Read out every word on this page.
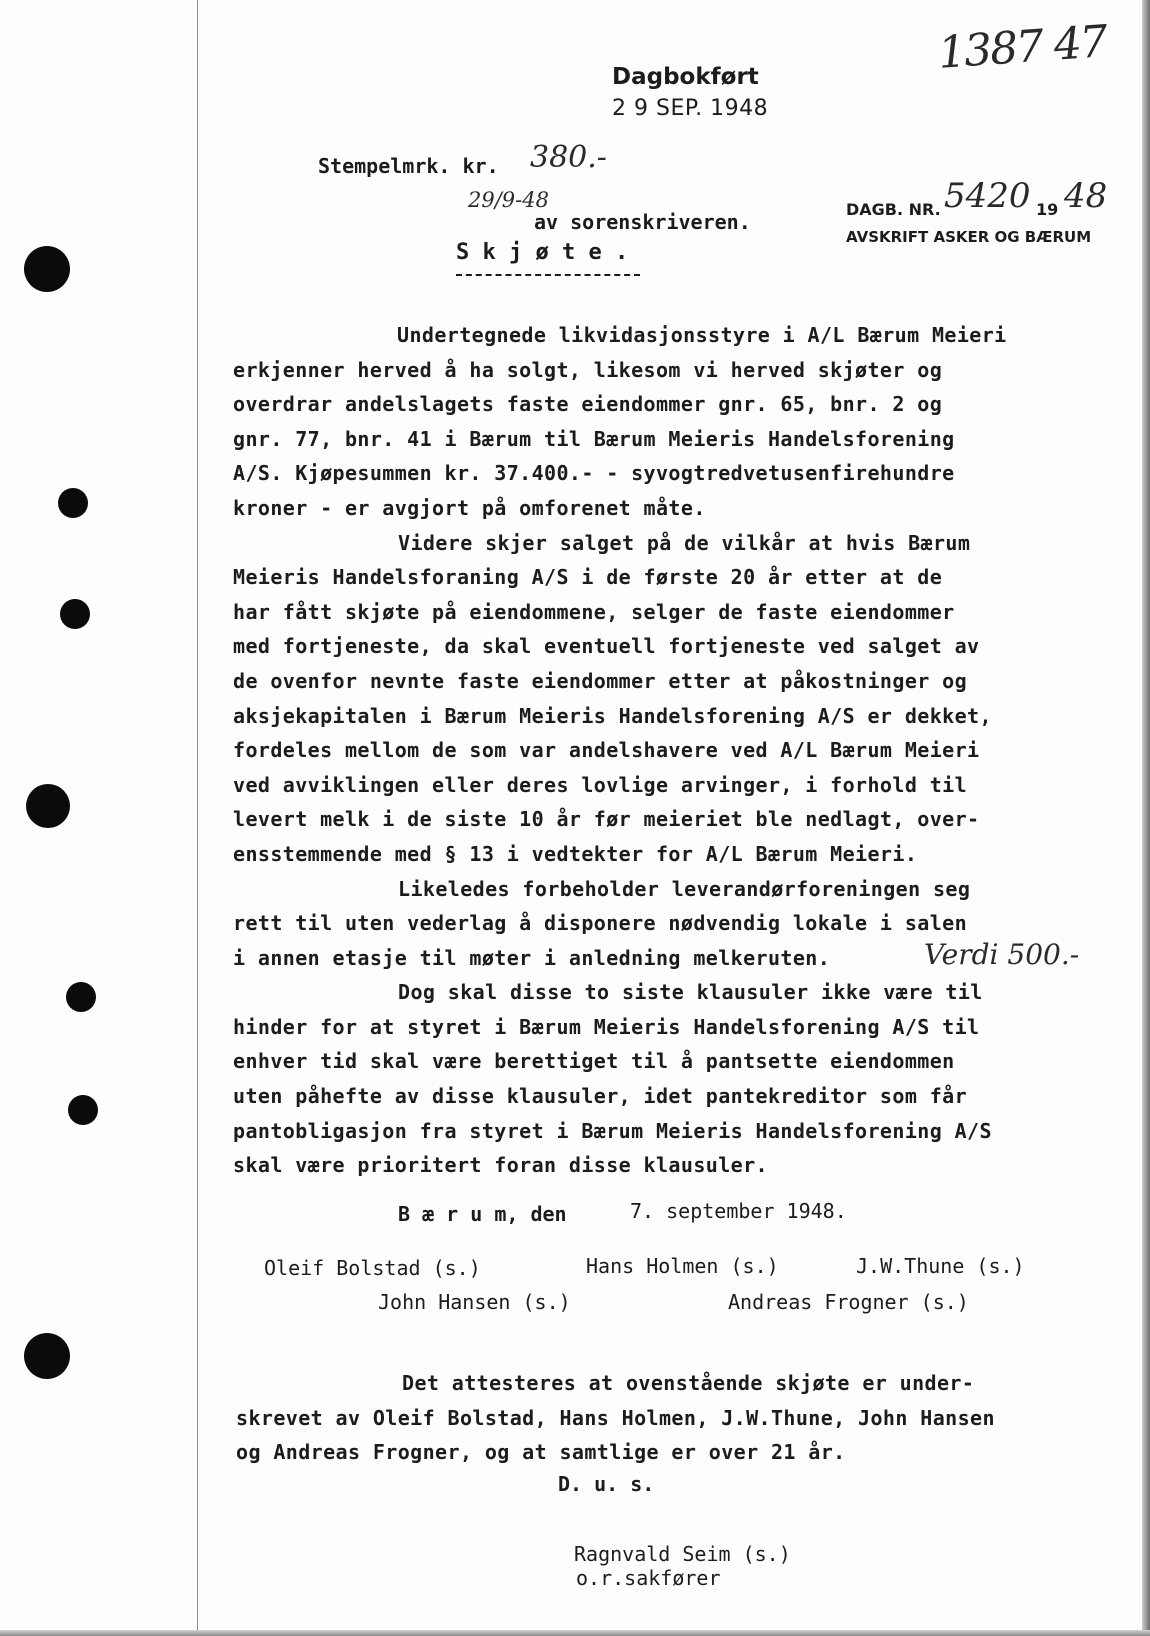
Dagbokført
2 9 SEP. 1948
1387 47
Stempelmrk. kr. 380.-
29/9-48
av sorenskriveren.
DAGB. NR. 5420 19 48
AVSKRIFT ASKER OG BÆRUM
S k j ø t e .
Undertegnede likvidasjonsstyre i A/L Bærum Meieri
erkjenner herved å ha solgt, likesom vi herved skjøter og
overdrar andelslagets faste eiendommer gnr. 65, bnr. 2 og
gnr. 77, bnr. 41 i Bærum til Bærum Meieris Handelsforening
A/S. Kjøpesummen kr. 37.400.- - syvogtredvetusenfirehundre
kroner - er avgjort på omforenet måte.
Videre skjer salget på de vilkår at hvis Bærum
Meieris Handelsforaning A/S i de første 20 år etter at de
har fått skjøte på eiendommene, selger de faste eiendommer
med fortjeneste, da skal eventuell fortjeneste ved salget av
de ovenfor nevnte faste eiendommer etter at påkostninger og
aksjekapitalen i Bærum Meieris Handelsforening A/S er dekket,
fordeles mellom de som var andelshavere ved A/L Bærum Meieri
ved avviklingen eller deres lovlige arvinger, i forhold til
levert melk i de siste 10 år før meieriet ble nedlagt, over-
ensstemmende med § 13 i vedtekter for A/L Bærum Meieri.
Likeledes forbeholder leverandørforeningen seg
rett til uten vederlag å disponere nødvendig lokale i salen
i annen etasje til møter i anledning melkeruten.
Dog skal disse to siste klausuler ikke være til
hinder for at styret i Bærum Meieris Handelsforening A/S til
enhver tid skal være berettiget til å pantsette eiendommen
uten påhefte av disse klausuler, idet pantekreditor som får
pantobligasjon fra styret i Bærum Meieris Handelsforening A/S
skal være prioritert foran disse klausuler.
Verdi 500.-
B æ r u m, den	7. september 1948.
Oleif Bolstad (s.)	Hans Holmen (s.)	J.W.Thune (s.)
John Hansen (s.)	Andreas Frogner (s.)
Det attesteres at ovenstående skjøte er under-
skrevet av Oleif Bolstad, Hans Holmen, J.W.Thune, John Hansen
og Andreas Frogner, og at samtlige er over 21 år.
D. u. s.
Ragnvald Seim (s.)
o.r.sakfører
